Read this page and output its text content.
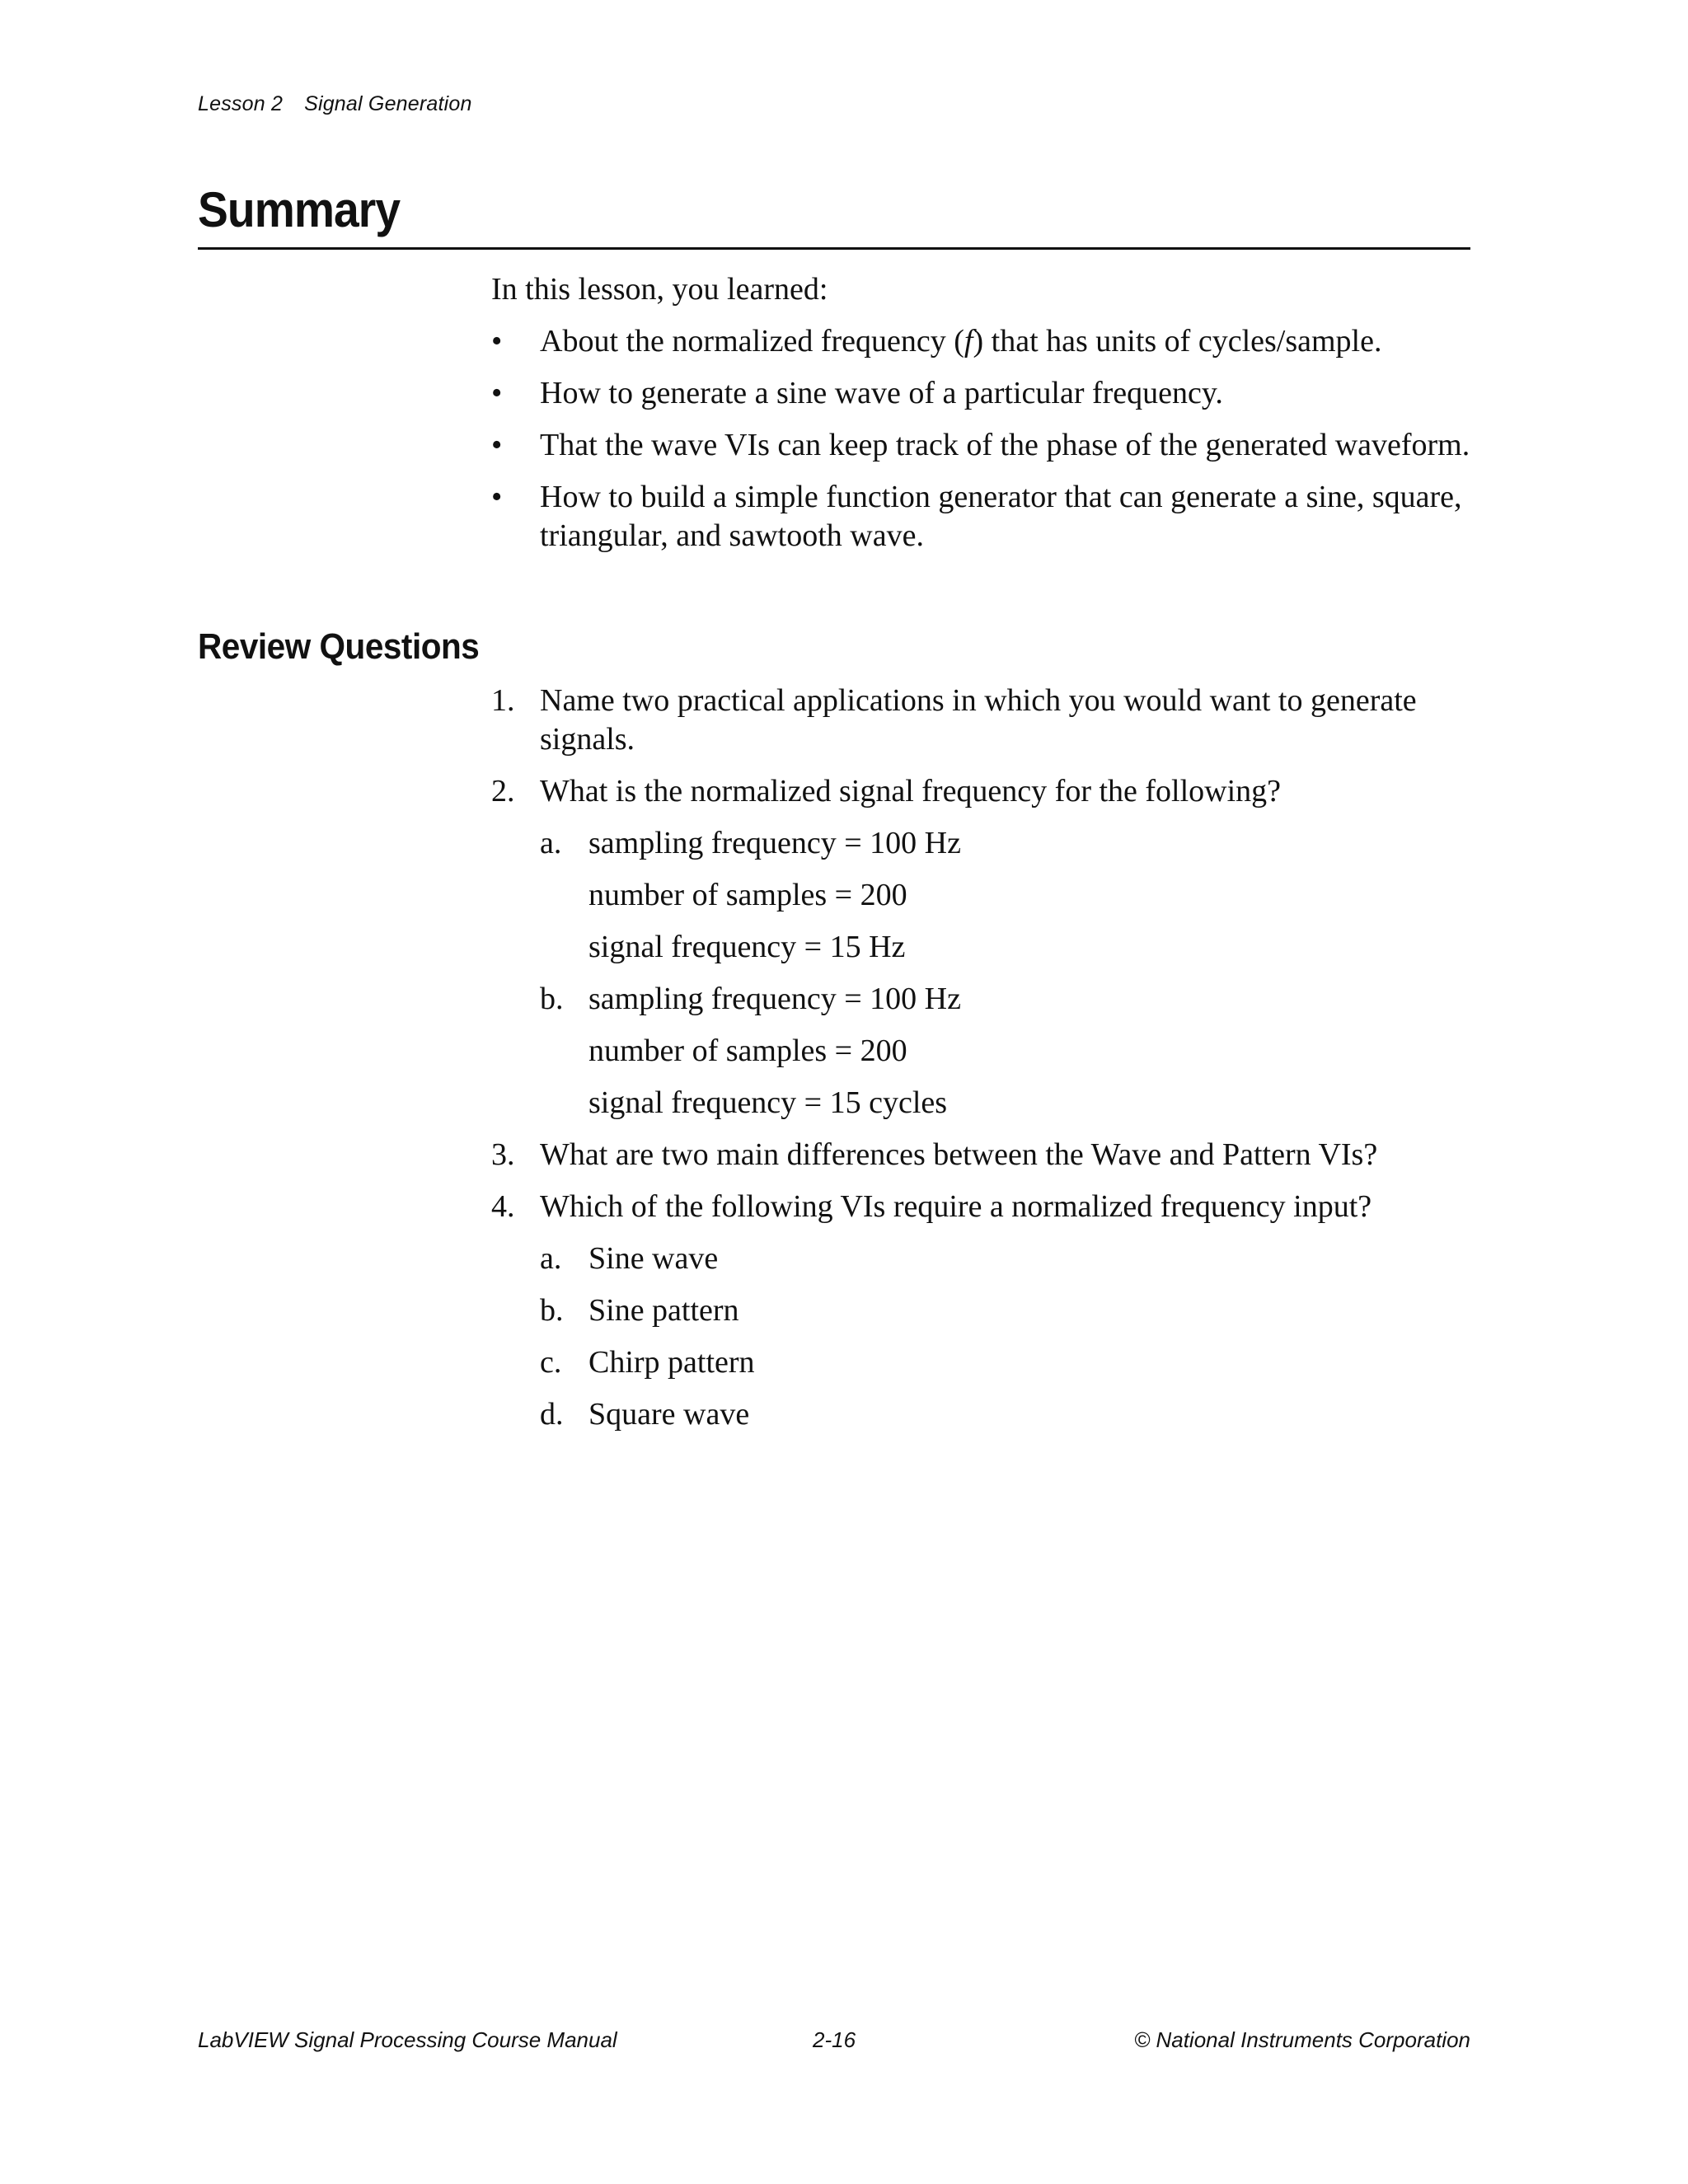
Lesson 2 Signal Generation
Summary
In this lesson, you learned:
• About the normalized frequency (f) that has units of cycles/sample.
• How to generate a sine wave of a particular frequency.
• That the wave VIs can keep track of the phase of the generated waveform.
• How to build a simple function generator that can generate a sine, square, triangular, and sawtooth wave.
Review Questions
1. Name two practical applications in which you would want to generate signals.
2. What is the normalized signal frequency for the following?
a. sampling frequency = 100 Hz
number of samples = 200
signal frequency = 15 Hz
b. sampling frequency = 100 Hz
number of samples = 200
signal frequency = 15 cycles
3. What are two main differences between the Wave and Pattern VIs?
4. Which of the following VIs require a normalized frequency input?
a. Sine wave
b. Sine pattern
c. Chirp pattern
d. Square wave
LabVIEW Signal Processing Course Manual	2-16	© National Instruments Corporation
